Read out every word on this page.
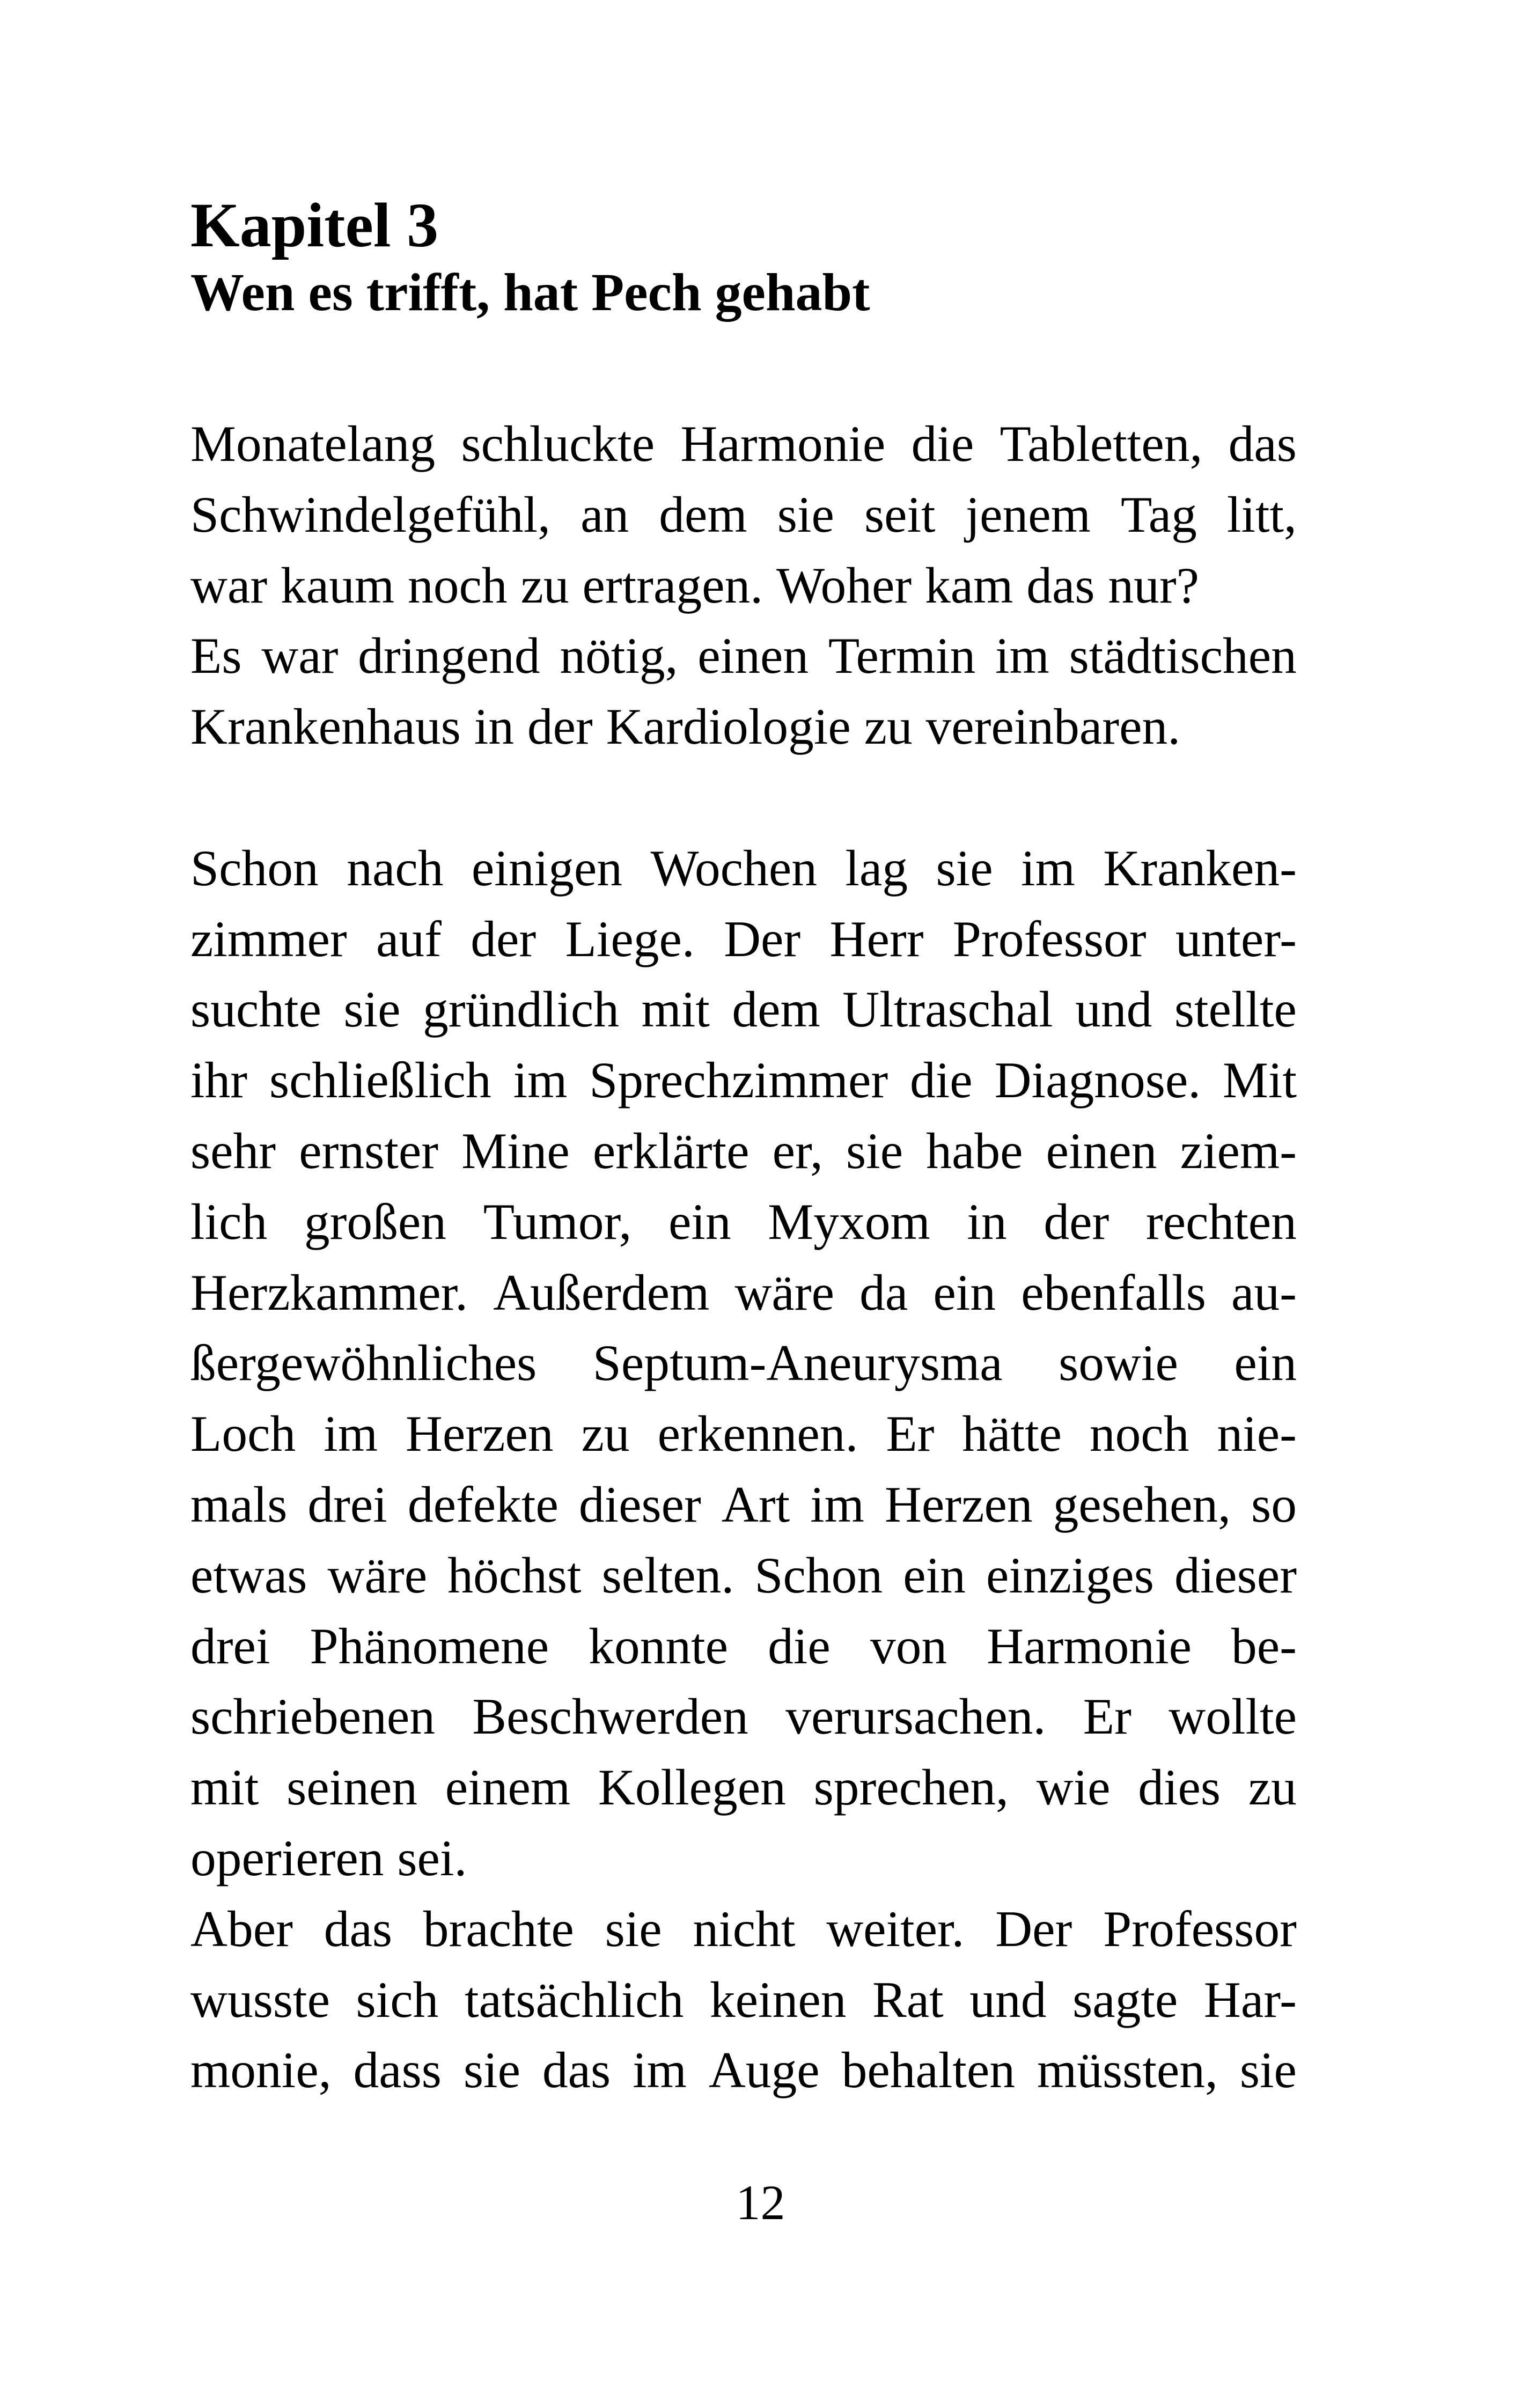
Kapitel 3
Wen es trifft, hat Pech gehabt
Monatelang schluckte Harmonie die Tabletten, das
Schwindelgefühl, an dem sie seit jenem Tag litt,
war kaum noch zu ertragen. Woher kam das nur?
Es war dringend nötig, einen Termin im städtischen
Krankenhaus in der Kardiologie zu vereinbaren.
Schon nach einigen Wochen lag sie im Kranken-
zimmer auf der Liege. Der Herr Professor unter-
suchte sie gründlich mit dem Ultraschal und stellte
ihr schließlich im Sprechzimmer die Diagnose. Mit
sehr ernster Mine erklärte er, sie habe einen ziem-
lich großen Tumor, ein Myxom in der rechten
Herzkammer. Außerdem wäre da ein ebenfalls au-
ßergewöhnliches Septum-Aneurysma sowie ein
Loch im Herzen zu erkennen. Er hätte noch nie-
mals drei defekte dieser Art im Herzen gesehen, so
etwas wäre höchst selten. Schon ein einziges dieser
drei Phänomene konnte die von Harmonie be-
schriebenen Beschwerden verursachen. Er wollte
mit seinen einem Kollegen sprechen, wie dies zu
operieren sei.
Aber das brachte sie nicht weiter. Der Professor
wusste sich tatsächlich keinen Rat und sagte Har-
monie, dass sie das im Auge behalten müssten, sie
12
